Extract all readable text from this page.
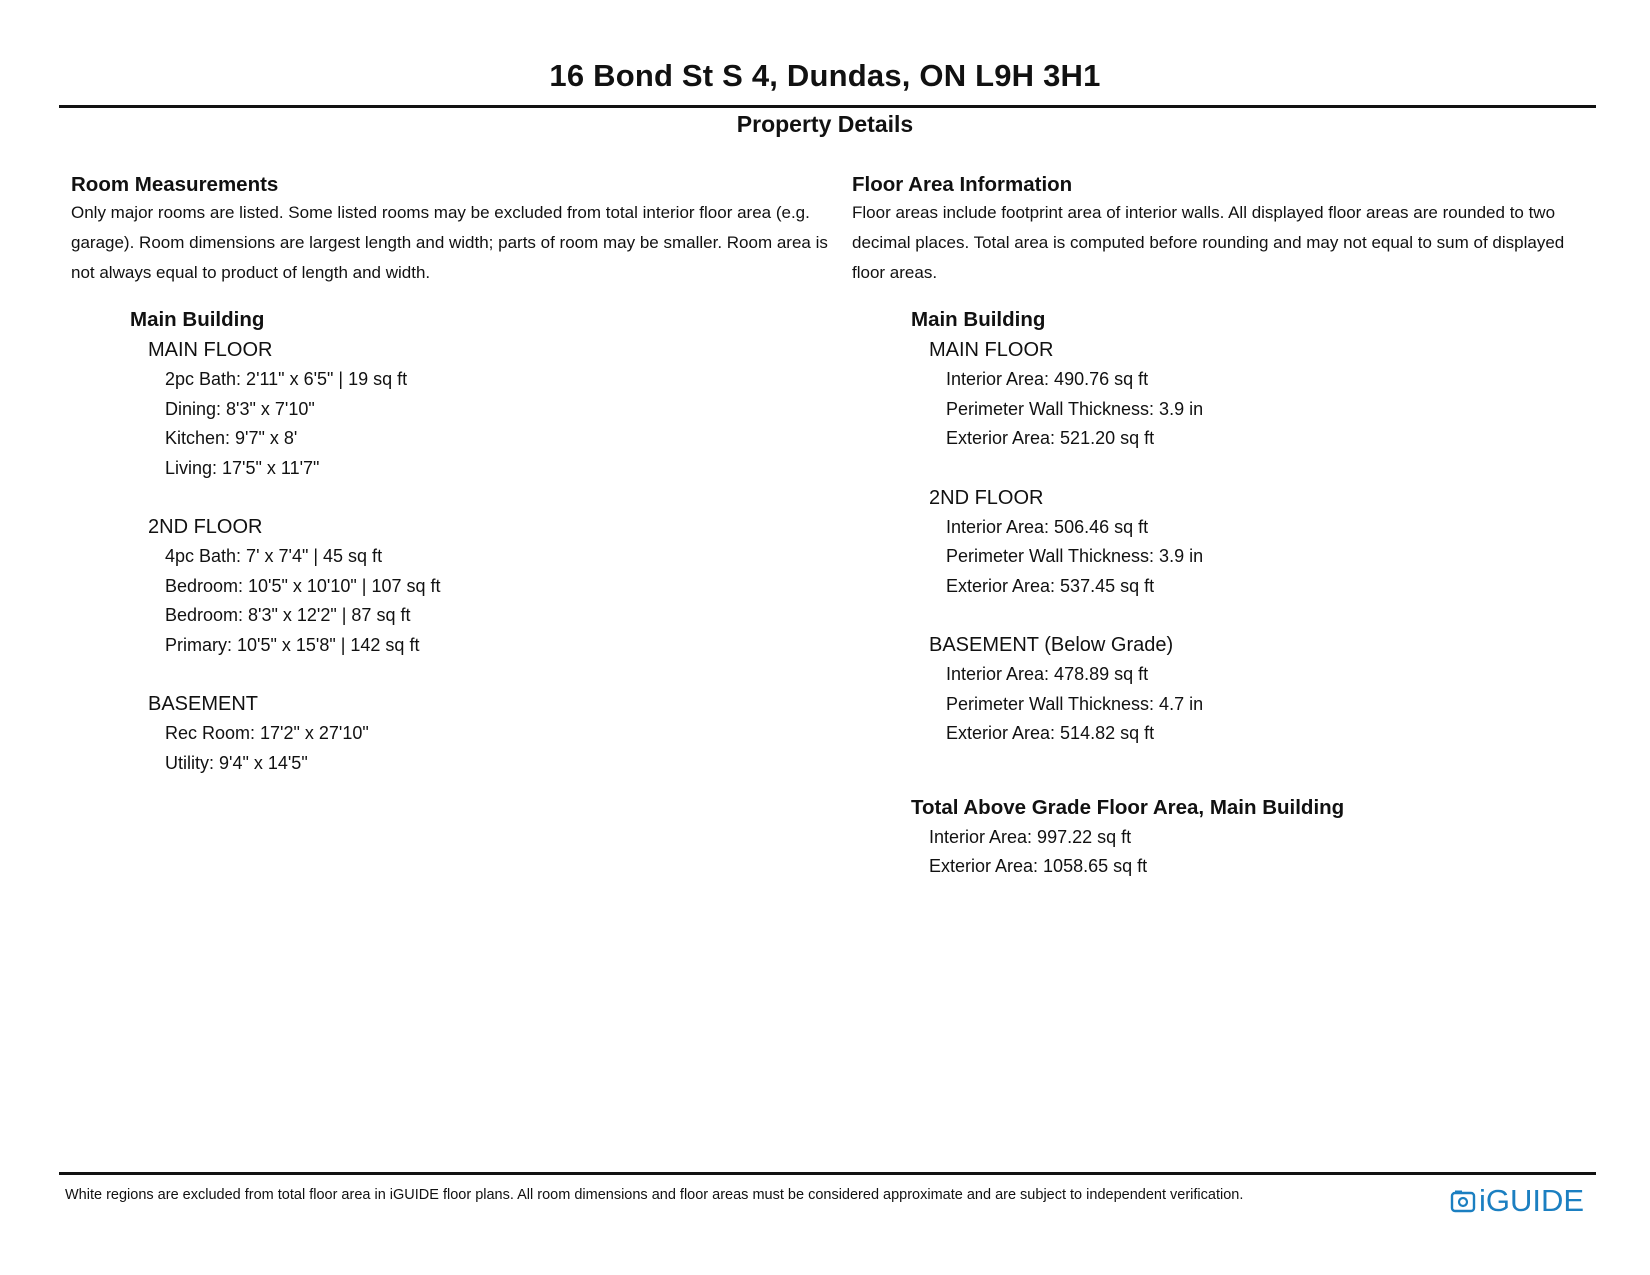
16 Bond St S 4, Dundas, ON L9H 3H1
Property Details
Room Measurements

Only major rooms are listed. Some listed rooms may be excluded from total interior floor area (e.g. garage). Room dimensions are largest length and width; parts of room may be smaller. Room area is not always equal to product of length and width.

Main Building
MAIN FLOOR
2pc Bath: 2'11" x 6'5" | 19 sq ft
Dining: 8'3" x 7'10"
Kitchen: 9'7" x 8'
Living: 17'5" x 11'7"
2ND FLOOR
4pc Bath: 7' x 7'4" | 45 sq ft
Bedroom: 10'5" x 10'10" | 107 sq ft
Bedroom: 8'3" x 12'2" | 87 sq ft
Primary: 10'5" x 15'8" | 142 sq ft
BASEMENT
Rec Room: 17'2" x 27'10"
Utility: 9'4" x 14'5"
Floor Area Information

Floor areas include footprint area of interior walls. All displayed floor areas are rounded to two decimal places. Total area is computed before rounding and may not equal to sum of displayed floor areas.

Main Building
MAIN FLOOR
Interior Area: 490.76 sq ft
Perimeter Wall Thickness: 3.9 in
Exterior Area: 521.20 sq ft
2ND FLOOR
Interior Area: 506.46 sq ft
Perimeter Wall Thickness: 3.9 in
Exterior Area: 537.45 sq ft
BASEMENT (Below Grade)
Interior Area: 478.89 sq ft
Perimeter Wall Thickness: 4.7 in
Exterior Area: 514.82 sq ft
Total Above Grade Floor Area, Main Building
Interior Area: 997.22 sq ft
Exterior Area: 1058.65 sq ft
White regions are excluded from total floor area in iGUIDE floor plans. All room dimensions and floor areas must be considered approximate and are subject to independent verification.	iGUIDE
